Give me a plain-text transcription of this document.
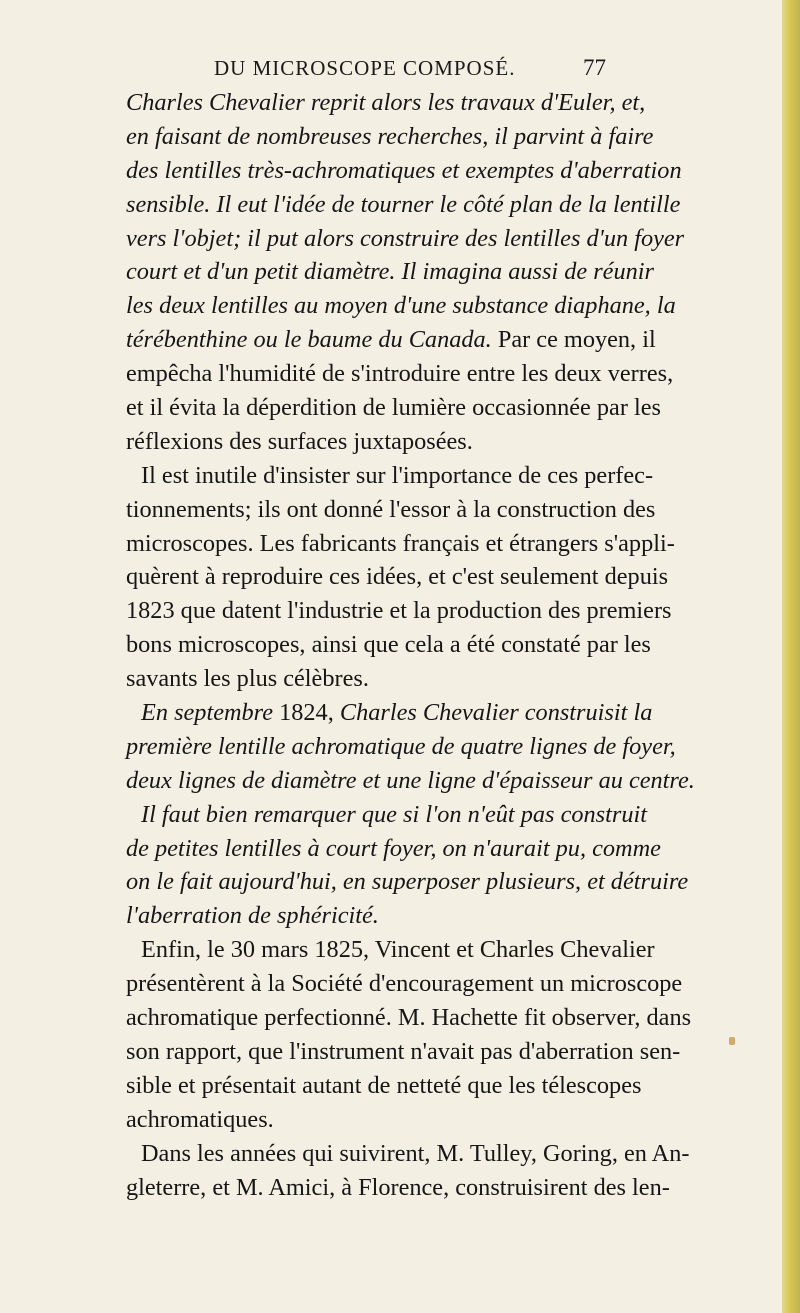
DU MICROSCOPE COMPOSÉ.	77
Charles Chevalier reprit alors les travaux d'Euler, et,
en faisant de nombreuses recherches, il parvint à faire
des lentilles très-achromatiques et exemptes d'aberration
sensible. Il eut l'idée de tourner le côté plan de la lentille
vers l'objet; il put alors construire des lentilles d'un foyer
court et d'un petit diamètre. Il imagina aussi de réunir
les deux lentilles au moyen d'une substance diaphane, la
térébenthine ou le baume du Canada. Par ce moyen, il
empêcha l'humidité de s'introduire entre les deux verres,
et il évita la déperdition de lumière occasionnée par les
réflexions des surfaces juxtaposées.
Il est inutile d'insister sur l'importance de ces perfec-
tionnements; ils ont donné l'essor à la construction des
microscopes. Les fabricants français et étrangers s'appli-
quèrent à reproduire ces idées, et c'est seulement depuis
1823 que datent l'industrie et la production des premiers
bons microscopes, ainsi que cela a été constaté par les
savants les plus célèbres.
En septembre 1824, Charles Chevalier construisit la
première lentille achromatique de quatre lignes de foyer,
deux lignes de diamètre et une ligne d'épaisseur au centre.
Il faut bien remarquer que si l'on n'eût pas construit
de petites lentilles à court foyer, on n'aurait pu, comme
on le fait aujourd'hui, en superposer plusieurs, et détruire
l'aberration de sphéricité.
Enfin, le 30 mars 1825, Vincent et Charles Chevalier
présentèrent à la Société d'encouragement un microscope
achromatique perfectionné. M. Hachette fit observer, dans
son rapport, que l'instrument n'avait pas d'aberration sen-
sible et présentait autant de netteté que les télescopes
achromatiques.
Dans les années qui suivirent, M. Tulley, Goring, en An-
gleterre, et M. Amici, à Florence, construisirent des len-
